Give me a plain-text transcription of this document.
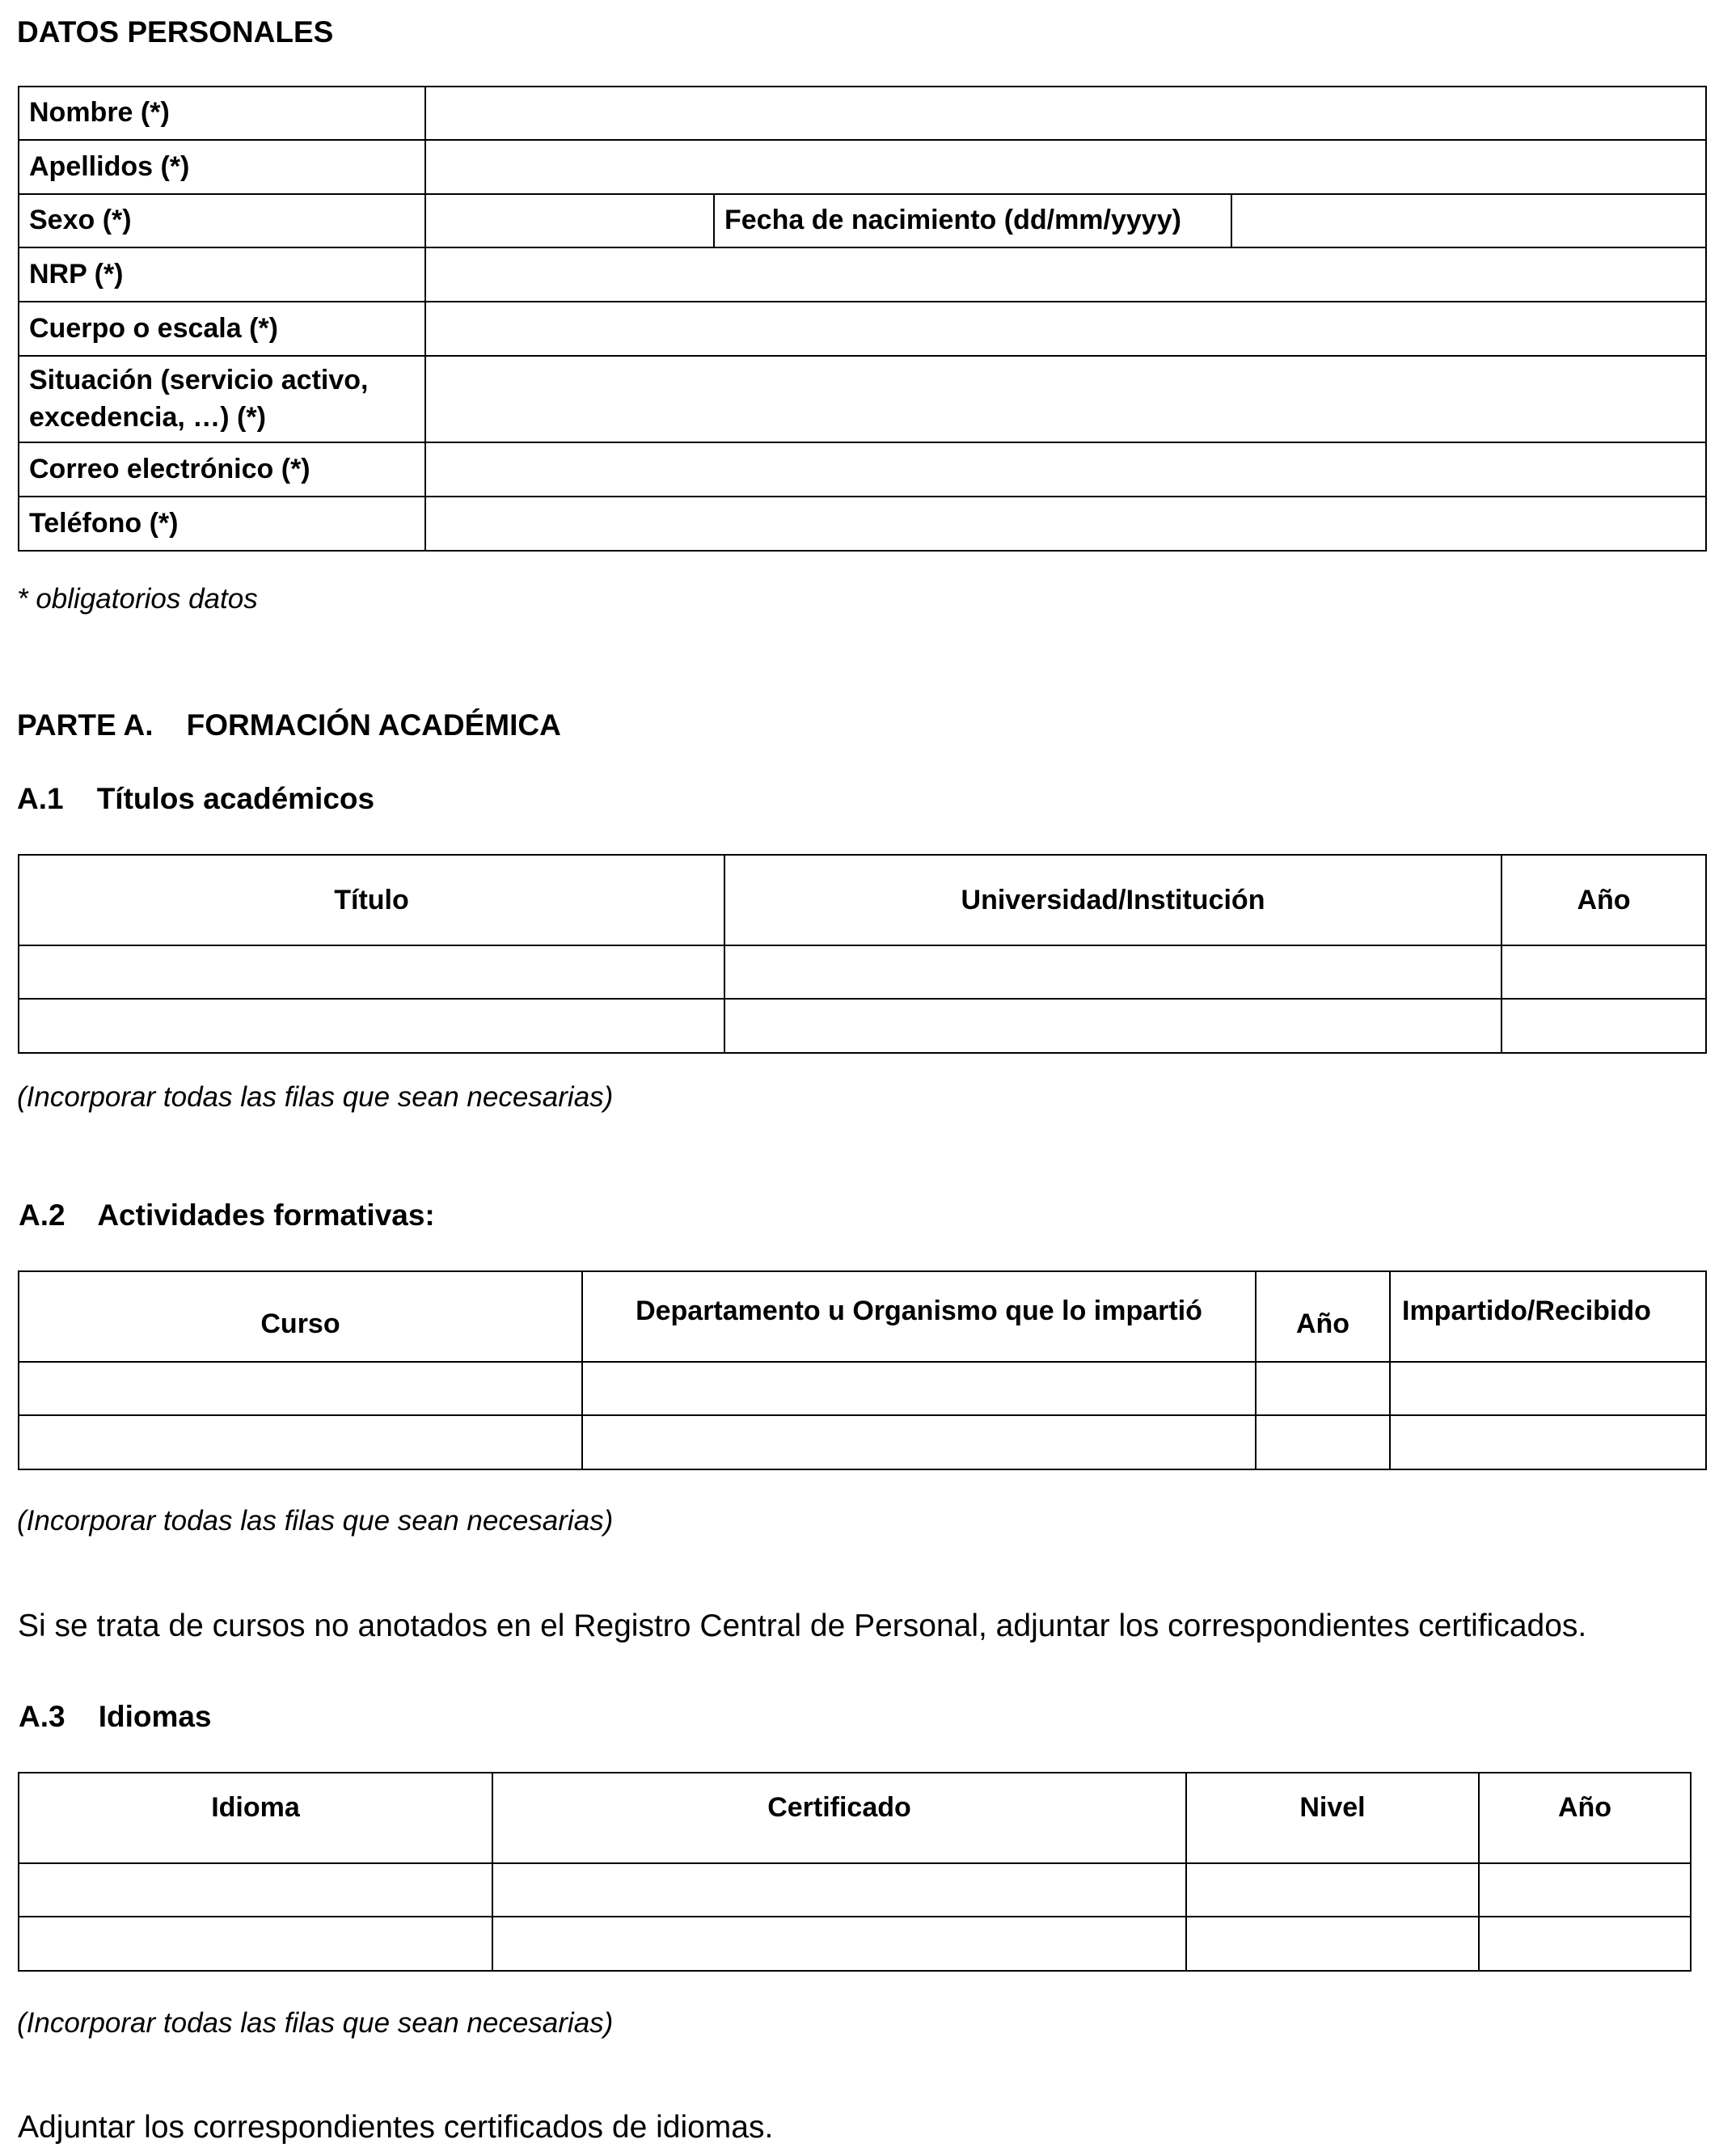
DATOS PERSONALES
Nombre (*)			
Apellidos (*)			
Sexo (*)		Fecha de nacimiento (dd/mm/yyyy)	
NRP (*)			
Cuerpo o escala (*)			
Situación (servicio activo, excedencia, …) (*)			
Correo electrónico (*)			
Teléfono (*)			
* obligatorios datos
PARTE A.    FORMACIÓN ACADÉMICA
A.1    Títulos académicos
Título	Universidad/Institución	Año

(Incorporar todas las filas que sean necesarias)
A.2    Actividades formativas:
Curso	Departamento u Organismo que lo impartió	Año	Impartido/Recibido

(Incorporar todas las filas que sean necesarias)
Si se trata de cursos no anotados en el Registro Central de Personal, adjuntar los correspondientes certificados.
A.3    Idiomas
Idioma	Certificado	Nivel	Año

(Incorporar todas las filas que sean necesarias)
Adjuntar los correspondientes certificados de idiomas.
